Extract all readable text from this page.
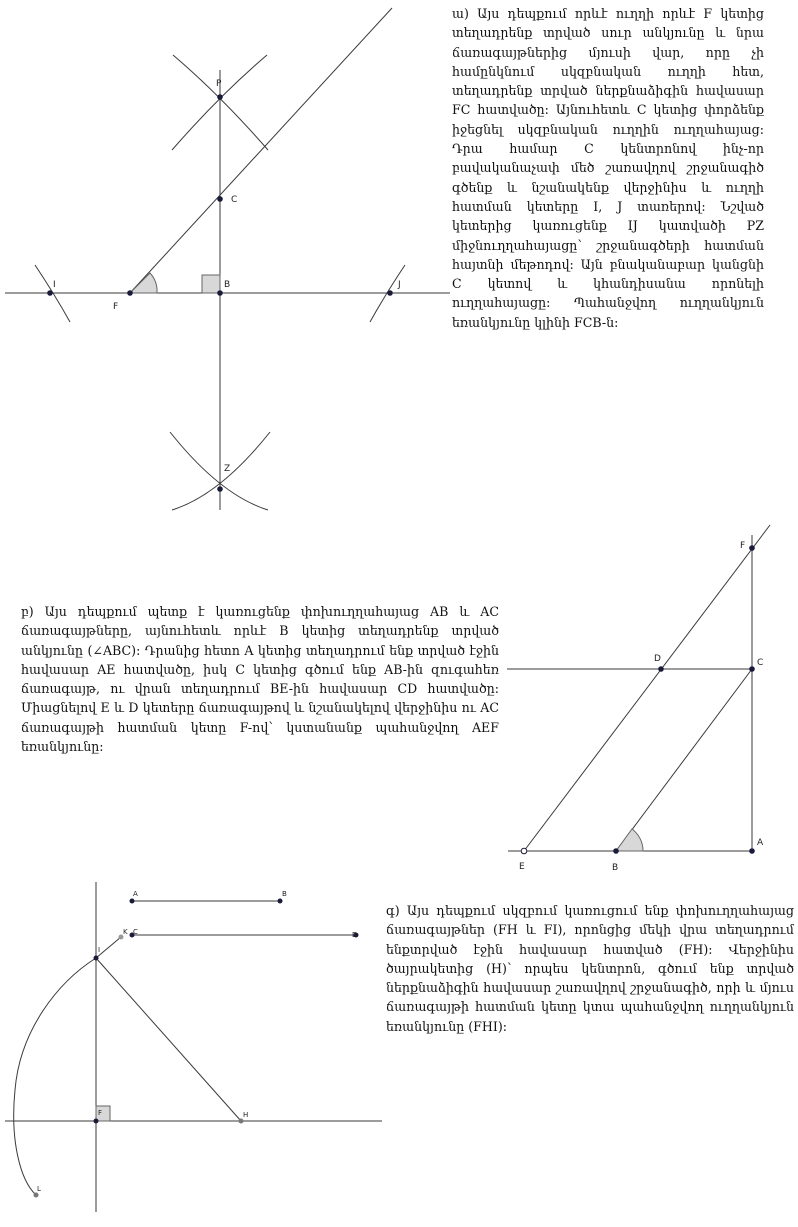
P
C
I
F
B	J
Z
F
D	C
A
E	B
A	B
K C	D
I
F	H
L

ա) Այս դեպքում որևէ ուղղի որևէ F կետից տեղադրենք տրված սուր անկյունը և նրա ճառագայթներից մյուսի վար, որը չի համընկնում սկզբնական ուղղի հետ, տեղադրենք տրված ներքնաձիգին հավասար FC հատվածը: Այնուհետև C կետից փորձենք իջեցնել սկզբնական ուղղին ուղղահայաց: Դրա համար C կենտրոնով ինչ-որ բավականաչափ մեծ շառավղով շրջանագիծ գծենք և նշանակենք վերջինիս և ուղղի հատման կետերը I, J տառերով: Նշված կետերից կառուցենք IJ կատվածի PZ միջնուղղահայացը՝ շրջանագծերի հատման հայտնի մեթոդով: Այն բնականաբար կանցնի C կետով և կհանդիսանա որոնելի ուղղահայացը: Պահանջվող ուղղանկյուն եռանկյունը կլինի FCB-ն:

բ) Այս դեպքում պետք է կառուցենք փոխուղղահայաց AB և AC ճառագայթները, այնուհետև որևէ B կետից տեղադրենք տրված անկյունը (∠ABC): Դրանից հետո A կետից տեղադրում ենք տրված էջին հավասար AE հատվածը, իսկ C կետից գծում ենք AB-ին զուգահեռ ճառագայթ, ու վրան տեղադրում BE-ին հավասար CD հատվածը: Միացնելով E և D կետերը ճառագայթով և նշանակելով վերջինիս ու AC ճառագայթի հատման կետը F-ով՝ կստանանք պահանջվող AEF եռանկյունը:

գ) Այս դեպքում սկզբում կառուցում ենք փոխուղղահայաց ճառագայթներ (FH և FI), որոնցից մեկի վրա տեղադրում ենքտրված էջին հավասար հատված (FH): Վերջինիս ծայրակետից (H)՝ որպես կենտրոն, գծում ենք տրված ներքնաձիգին հավասար շառավղով շրջանագիծ, որի և մյուս ճառագայթի հատման կետը կտա պահանջվող ուղղանկյուն եռանկյունը (FHI):
